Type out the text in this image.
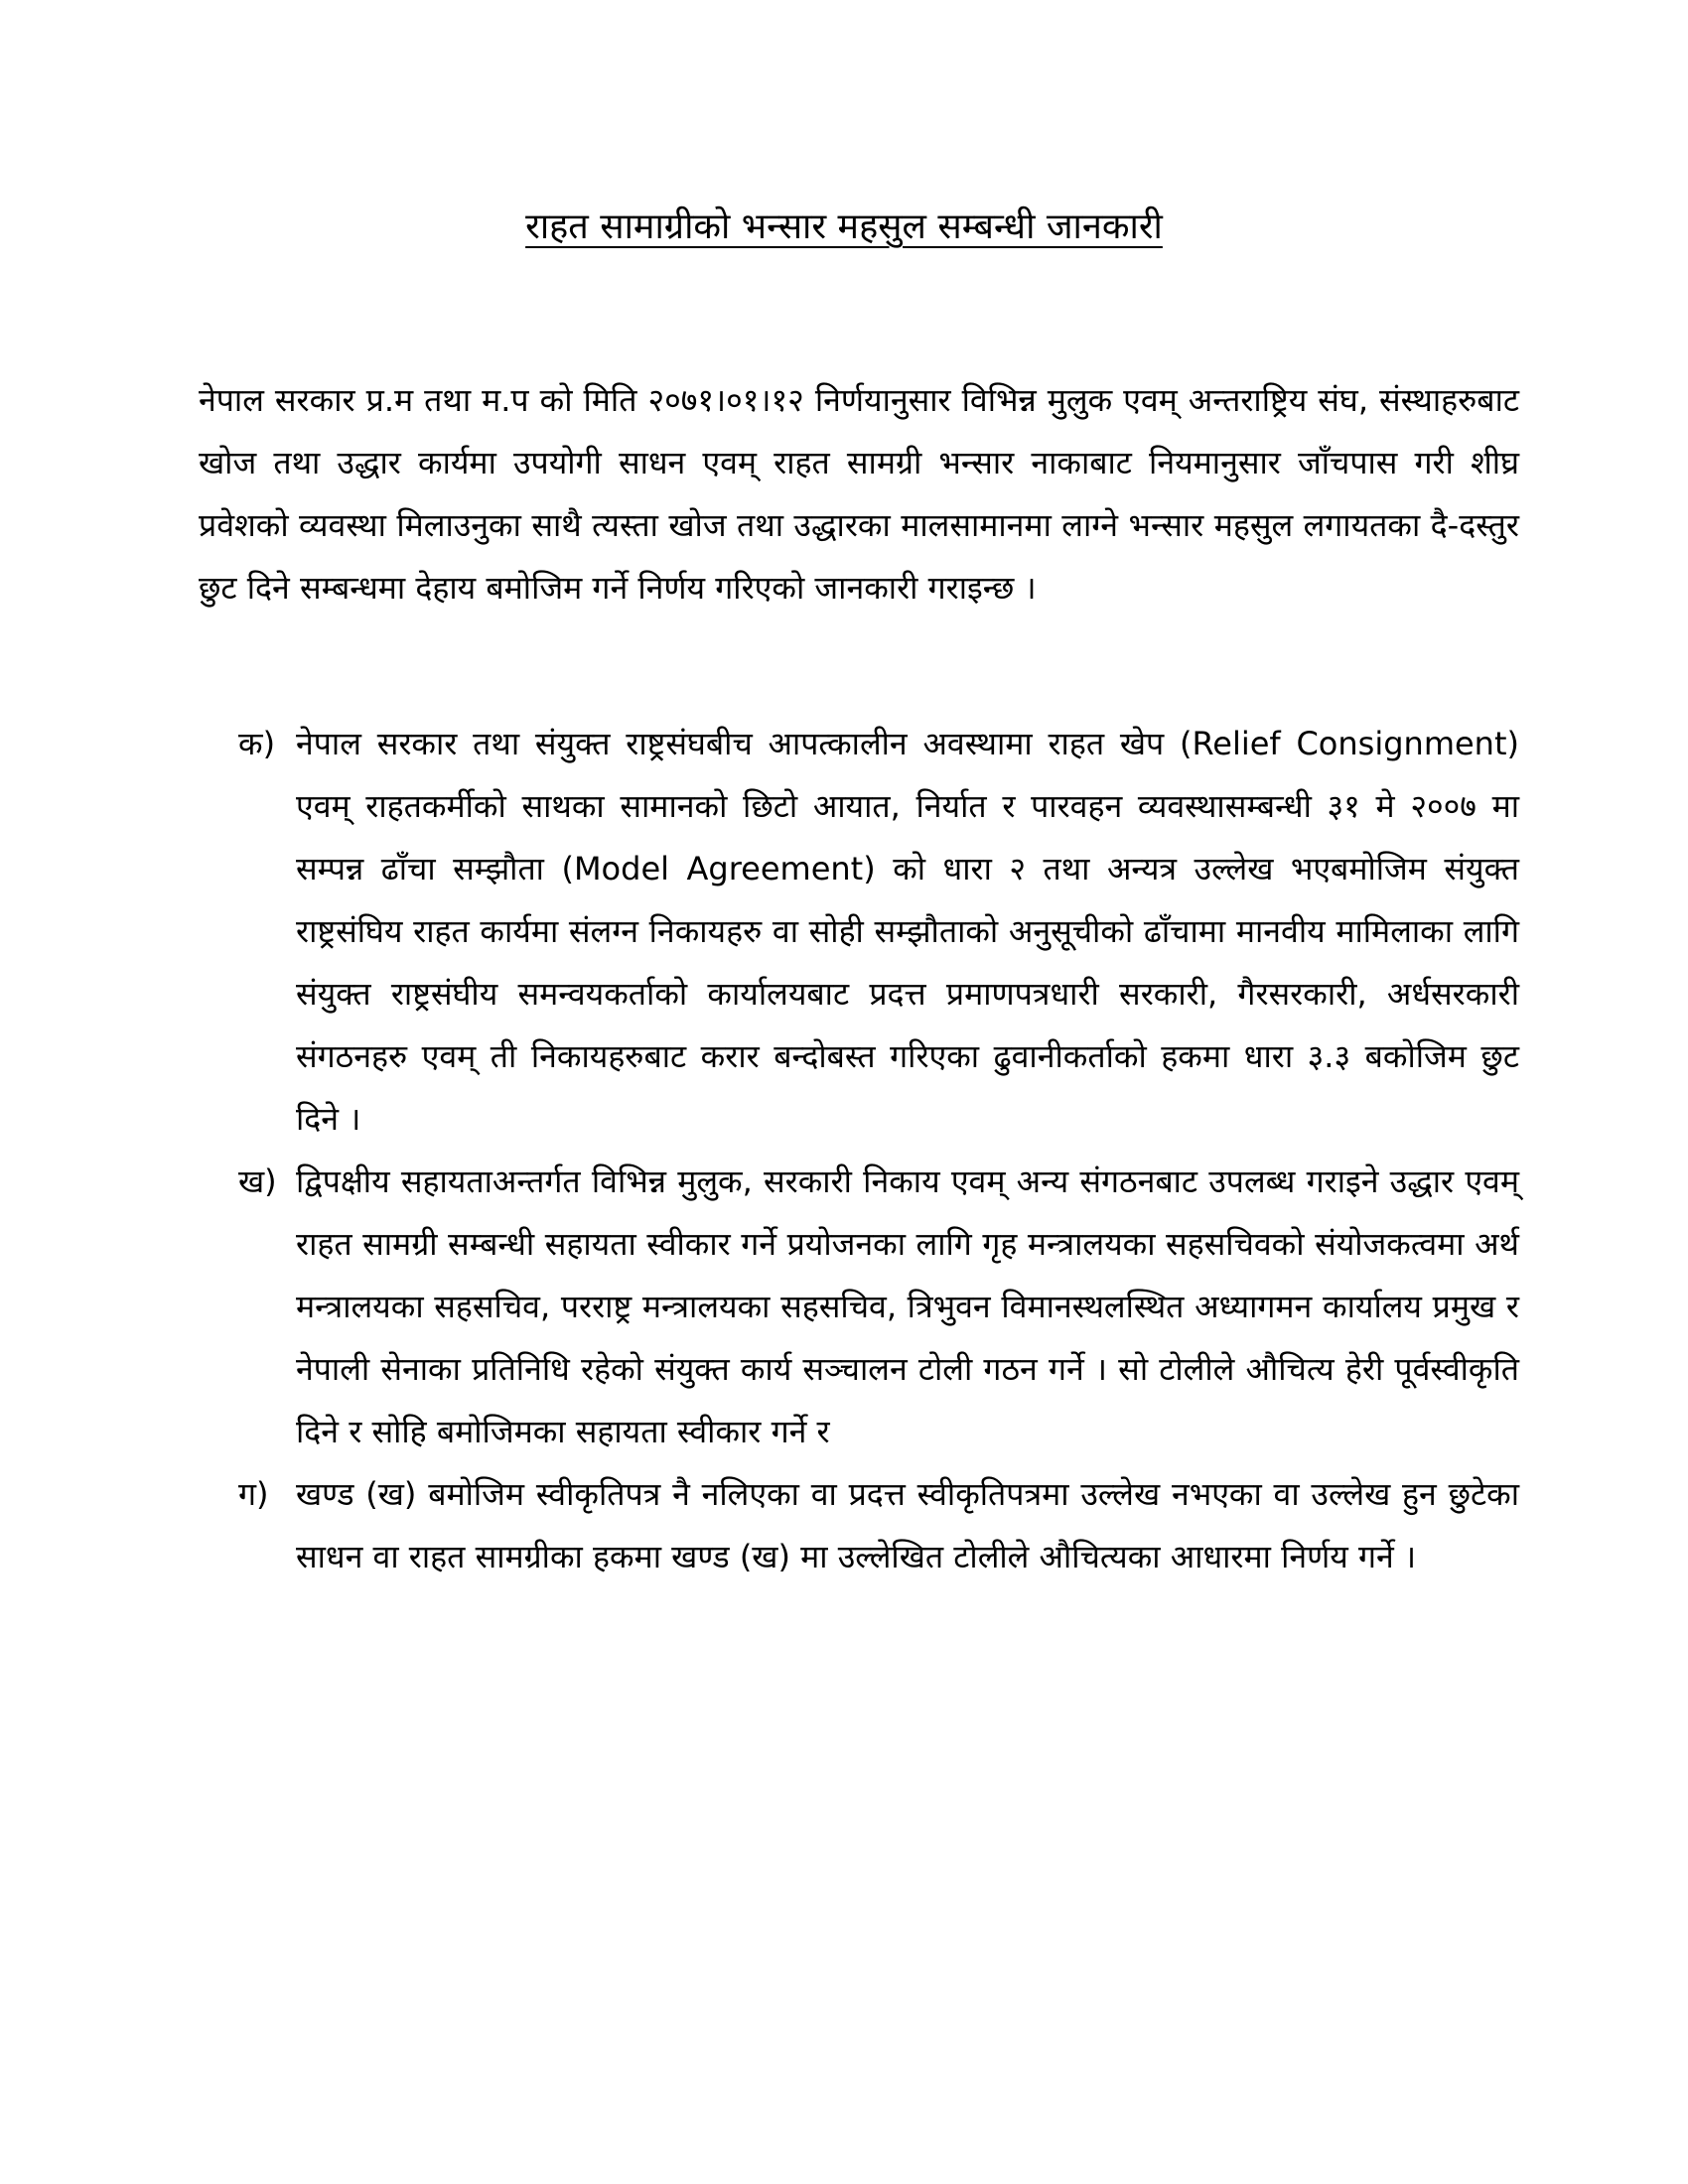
राहत सामाग्रीको भन्सार महसुल सम्बन्धी जानकारी

नेपाल सरकार प्र.म तथा म.प को मिति २०७१।०१।१२ निर्णयानुसार विभिन्न मुलुक एवम् अन्तराष्ट्रिय संघ, संस्थाहरुबाट खोज तथा उद्धार कार्यमा उपयोगी साधन एवम् राहत सामग्री भन्सार नाकाबाट नियमानुसार जाँचपास गरी शीघ्र प्रवेशको व्यवस्था मिलाउनुका साथै त्यस्ता खोज तथा उद्धारका मालसामानमा लाग्ने भन्सार महसुल लगायतका दै-दस्तुर छुट दिने सम्बन्धमा देहाय बमोजिम गर्ने निर्णय गरिएको जानकारी गराइन्छ ।

क) नेपाल सरकार तथा संयुक्त राष्ट्रसंघबीच आपत्कालीन अवस्थामा राहत खेप (Relief Consignment) एवम् राहतकर्मीको साथका सामानको छिटो आयात, निर्यात र पारवहन व्यवस्थासम्बन्धी ३१ मे २००७ मा सम्पन्न ढाँचा सम्झौता (Model Agreement) को धारा २ तथा अन्यत्र उल्लेख भएबमोजिम संयुक्त राष्ट्रसंघिय राहत कार्यमा संलग्न निकायहरु वा सोही सम्झौताको अनुसूचीको ढाँचामा मानवीय मामिलाका लागि संयुक्त राष्ट्रसंघीय समन्वयकर्ताको कार्यालयबाट प्रदत्त प्रमाणपत्रधारी सरकारी, गैरसरकारी, अर्धसरकारी संगठनहरु एवम् ती निकायहरुबाट करार बन्दोबस्त गरिएका ढुवानीकर्ताको हकमा धारा ३.३ बकोजिम छुट दिने ।
ख) द्विपक्षीय सहायताअन्तर्गत विभिन्न मुलुक, सरकारी निकाय एवम् अन्य संगठनबाट उपलब्ध गराइने उद्धार एवम् राहत सामग्री सम्बन्धी सहायता स्वीकार गर्ने प्रयोजनका लागि गृह मन्त्रालयका सहसचिवको संयोजकत्वमा अर्थ मन्त्रालयका सहसचिव, परराष्ट्र मन्त्रालयका सहसचिव, त्रिभुवन विमानस्थलस्थित अध्यागमन कार्यालय प्रमुख र नेपाली सेनाका प्रतिनिधि रहेको संयुक्त कार्य सञ्चालन टोली गठन गर्ने । सो टोलीले औचित्य हेरी पूर्वस्वीकृति दिने र सोहि बमोजिमका सहायता स्वीकार गर्ने र
ग) खण्ड (ख) बमोजिम स्वीकृतिपत्र नै नलिएका वा प्रदत्त स्वीकृतिपत्रमा उल्लेख नभएका वा उल्लेख हुन छुटेका साधन वा राहत सामग्रीका हकमा खण्ड (ख) मा उल्लेखित टोलीले औचित्यका आधारमा निर्णय गर्ने ।
